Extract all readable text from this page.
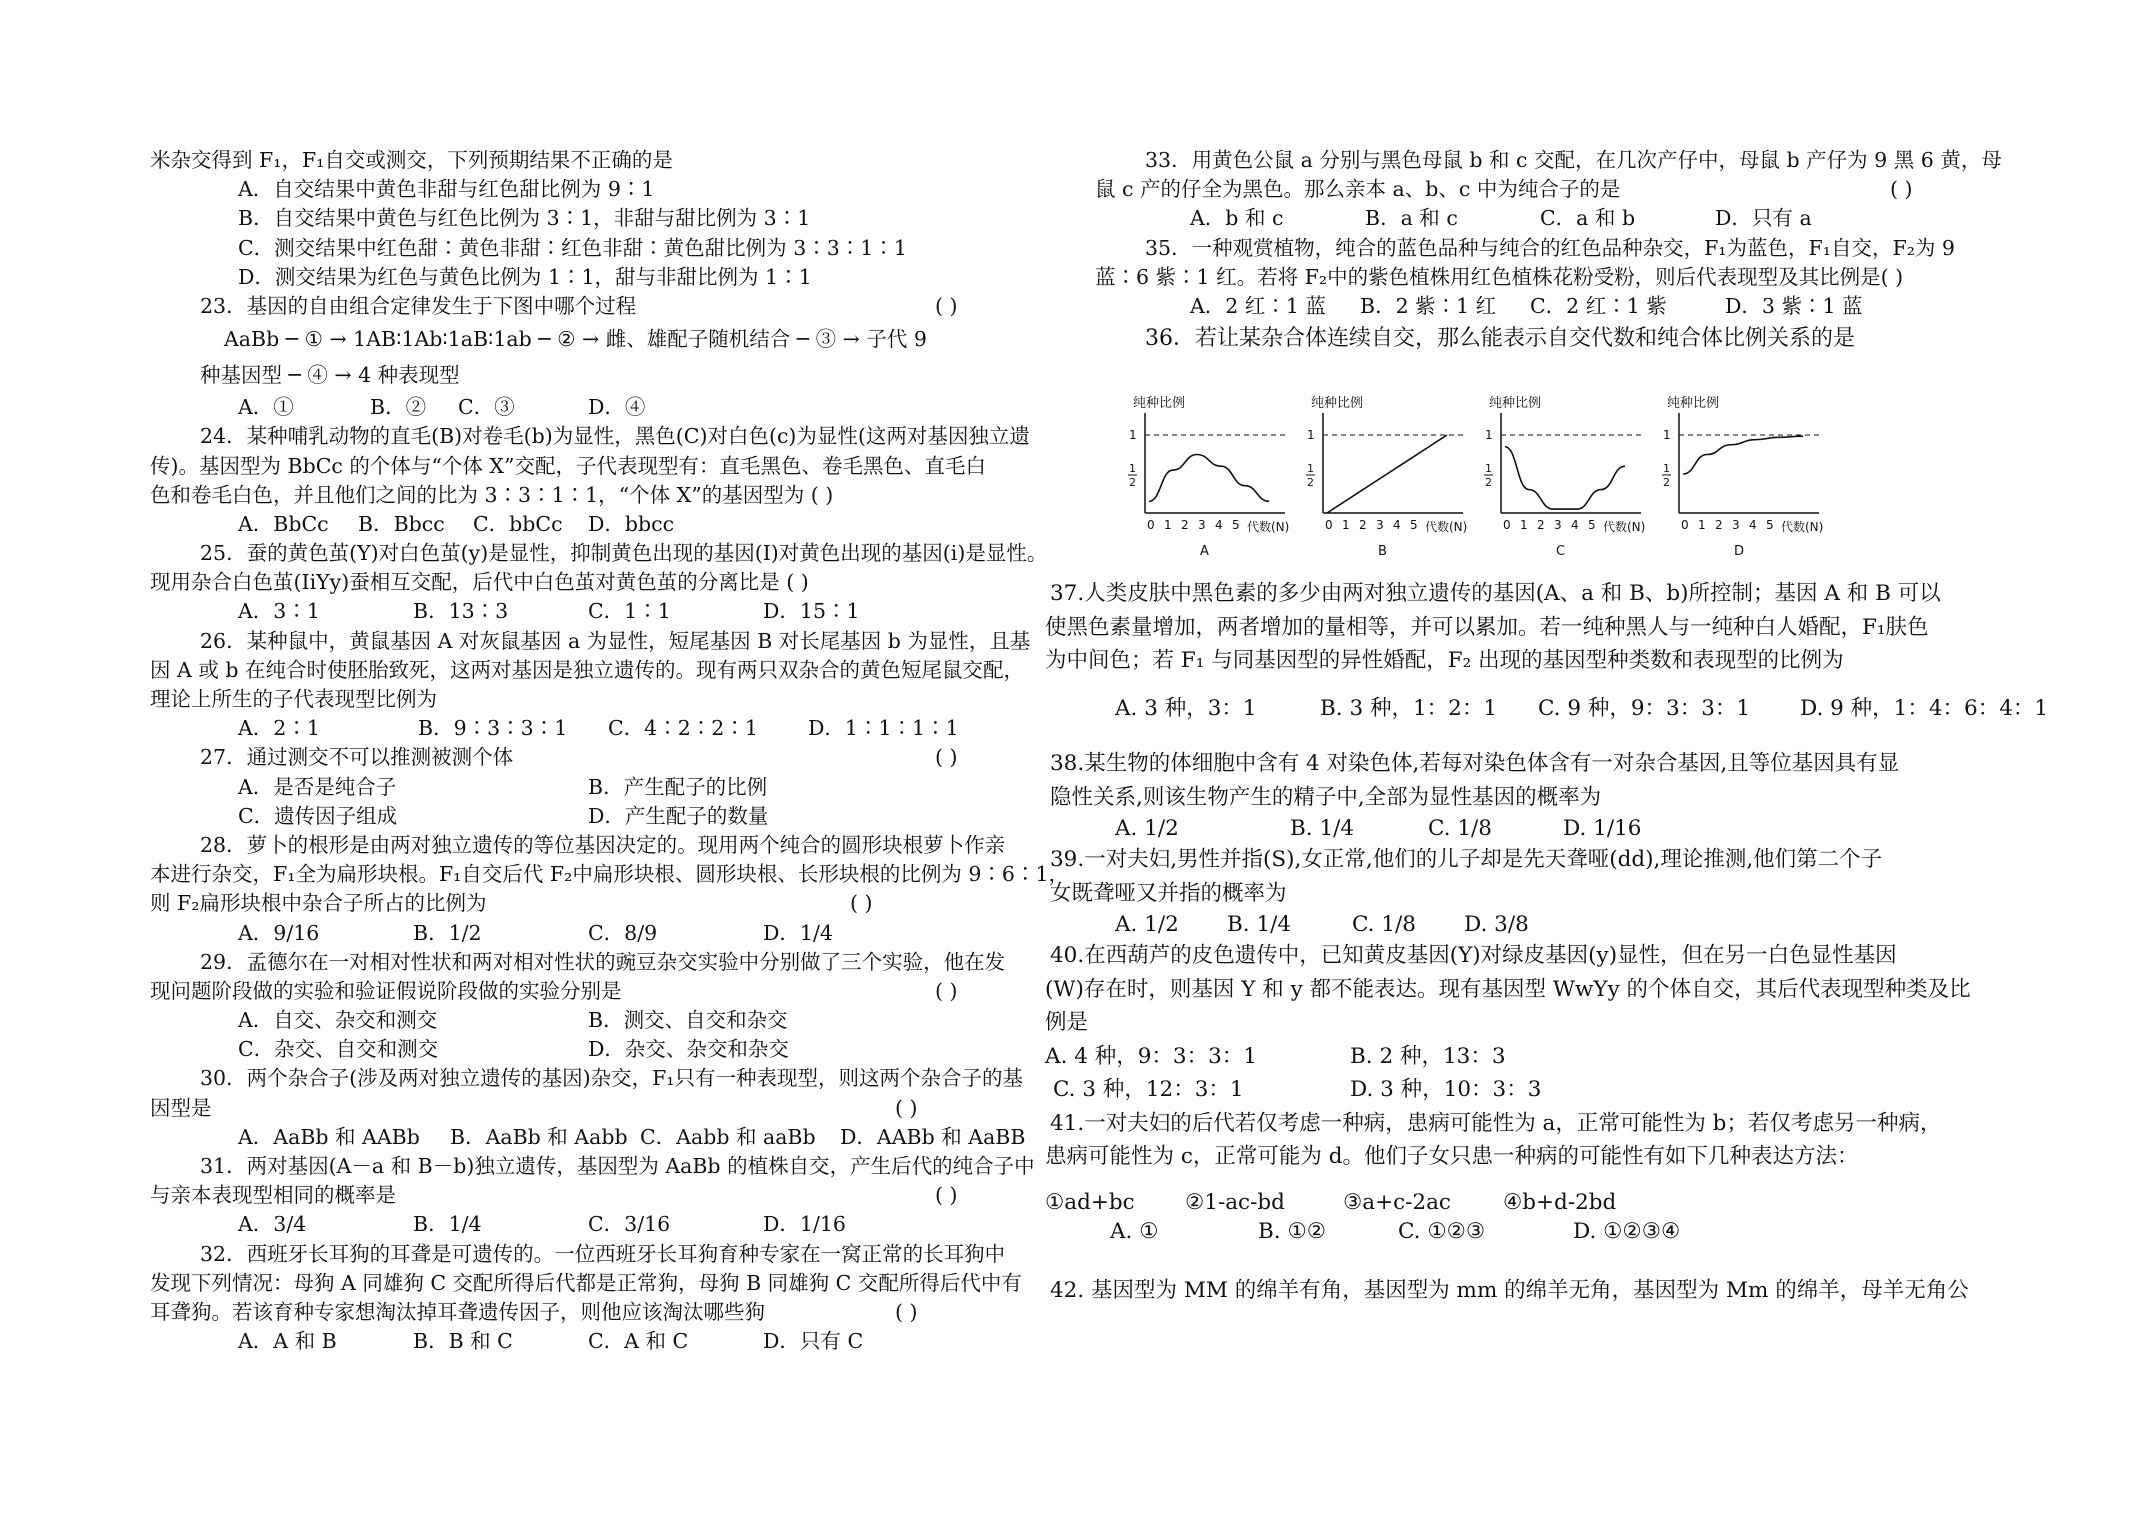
米杂交得到 F₁，F₁自交或测交，下列预期结果不正确的是
A．自交结果中黄色非甜与红色甜比例为 9∶1
B．自交结果中黄色与红色比例为 3∶1，非甜与甜比例为 3∶1
C．测交结果中红色甜∶黄色非甜∶红色非甜∶黄色甜比例为 3∶3∶1∶1
D．测交结果为红色与黄色比例为 1∶1，甜与非甜比例为 1∶1
23．基因的自由组合定律发生于下图中哪个过程	( )
AaBb ─ ① → 1AB∶1Ab∶1aB∶1ab ─ ② → 雌、雄配子随机结合 ─ ③ → 子代 9
种基因型 ─ ④ → 4 种表现型
A．①	B．②	C．③	D．④
24．某种哺乳动物的直毛(B)对卷毛(b)为显性，黑色(C)对白色(c)为显性(这两对基因独立遗
传)。基因型为 BbCc 的个体与“个体 X”交配，子代表现型有：直毛黑色、卷毛黑色、直毛白
色和卷毛白色，并且他们之间的比为 3∶3∶1∶1，“个体 X”的基因型为 ( )
A．BbCc	B．Bbcc	C．bbCc	D．bbcc
25．蚕的黄色茧(Y)对白色茧(y)是显性，抑制黄色出现的基因(I)对黄色出现的基因(i)是显性。
现用杂合白色茧(IiYy)蚕相互交配，后代中白色茧对黄色茧的分离比是 ( )
A．3∶1	B．13∶3	C．1∶1	D．15∶1
26．某种鼠中，黄鼠基因 A 对灰鼠基因 a 为显性，短尾基因 B 对长尾基因 b 为显性，且基
因 A 或 b 在纯合时使胚胎致死，这两对基因是独立遗传的。现有两只双杂合的黄色短尾鼠交配，
理论上所生的子代表现型比例为
A．2∶1	B．9∶3∶3∶1	C．4∶2∶2∶1	D．1∶1∶1∶1
27．通过测交不可以推测被测个体	( )
A．是否是纯合子	B．产生配子的比例
C．遗传因子组成	D．产生配子的数量
28．萝卜的根形是由两对独立遗传的等位基因决定的。现用两个纯合的圆形块根萝卜作亲
本进行杂交，F₁全为扁形块根。F₁自交后代 F₂中扁形块根、圆形块根、长形块根的比例为 9∶6∶1，
则 F₂扁形块根中杂合子所占的比例为	( )
A．9/16	B．1/2	C．8/9	D．1/4
29．孟德尔在一对相对性状和两对相对性状的豌豆杂交实验中分别做了三个实验，他在发
现问题阶段做的实验和验证假说阶段做的实验分别是	( )
A．自交、杂交和测交	B．测交、自交和杂交
C．杂交、自交和测交	D．杂交、杂交和杂交
30．两个杂合子(涉及两对独立遗传的基因)杂交，F₁只有一种表现型，则这两个杂合子的基
因型是	( )
A．AaBb 和 AABb	B．AaBb 和 Aabb C．Aabb 和 aaBb	D．AABb 和 AaBB
31．两对基因(A－a 和 B－b)独立遗传，基因型为 AaBb 的植株自交，产生后代的纯合子中
与亲本表现型相同的概率是	( )
A．3/4	B．1/4	C．3/16	D．1/16
32．西班牙长耳狗的耳聋是可遗传的。一位西班牙长耳狗育种专家在一窝正常的长耳狗中
发现下列情况：母狗 A 同雄狗 C 交配所得后代都是正常狗，母狗 B 同雄狗 C 交配所得后代中有
耳聋狗。若该育种专家想淘汰掉耳聋遗传因子，则他应该淘汰哪些狗	( )
A．A 和 B	B．B 和 C	C．A 和 C	D．只有 C
33．用黄色公鼠 a 分别与黑色母鼠 b 和 c 交配，在几次产仔中，母鼠 b 产仔为 9 黑 6 黄，母
鼠 c 产的仔全为黑色。那么亲本 a、b、c 中为纯合子的是	( )
A．b 和 c	B．a 和 c	C．a 和 b	D．只有 a
35．一种观赏植物，纯合的蓝色品种与纯合的红色品种杂交，F₁为蓝色，F₁自交，F₂为 9
蓝∶6 紫∶1 红。若将 F₂中的紫色植株用红色植株花粉受粉，则后代表现型及其比例是( )
A．2 红∶1 蓝	B．2 紫∶1 红	C．2 红∶1 紫	D．3 紫∶1 蓝
36．若让某杂合体连续自交，那么能表示自交代数和纯合体比例关系的是
纯种比例
1
1
2
0 1 2 3 4 5 代数(N)
A
纯种比例
1
1
2
0 1 2 3 4 5 代数(N)
B
纯种比例
1
1
2
0 1 2 3 4 5 代数(N)
C
纯种比例
1
1
2
0 1 2 3 4 5 代数(N)
D
37.人类皮肤中黑色素的多少由两对独立遗传的基因(A、a 和 B、b)所控制；基因 A 和 B 可以
使黑色素量增加，两者增加的量相等，并可以累加。若一纯种黑人与一纯种白人婚配，F₁肤色
为中间色；若 F₁ 与同基因型的异性婚配，F₂ 出现的基因型种类数和表现型的比例为
A. 3 种，3：1	B. 3 种，1：2：1	C. 9 种，9：3：3：1	D. 9 种，1：4：6：4：1
38.某生物的体细胞中含有 4 对染色体,若每对染色体含有一对杂合基因,且等位基因具有显
隐性关系,则该生物产生的精子中,全部为显性基因的概率为
A. 1/2	B. 1/4	C. 1/8	D. 1/16
39.一对夫妇,男性并指(S),女正常,他们的儿子却是先天聋哑(dd),理论推测,他们第二个子
女既聋哑又并指的概率为
A. 1/2	B. 1/4	C. 1/8	D. 3/8
40.在西葫芦的皮色遗传中，已知黄皮基因(Y)对绿皮基因(y)显性，但在另一白色显性基因
(W)存在时，则基因 Y 和 y 都不能表达。现有基因型 WwYy 的个体自交，其后代表现型种类及比
例是
A. 4 种，9：3：3：1	B. 2 种，13：3
C. 3 种，12：3：1	D. 3 种，10：3：3
41.一对夫妇的后代若仅考虑一种病，患病可能性为 a，正常可能性为 b；若仅考虑另一种病，
患病可能性为 c，正常可能为 d。他们子女只患一种病的可能性有如下几种表达方法：
①ad+bc	②1-ac-bd	③a+c-2ac	④b+d-2bd
A. ①	B. ①②	C. ①②③	D. ①②③④
42. 基因型为 MM 的绵羊有角，基因型为 mm 的绵羊无角，基因型为 Mm 的绵羊，母羊无角公
